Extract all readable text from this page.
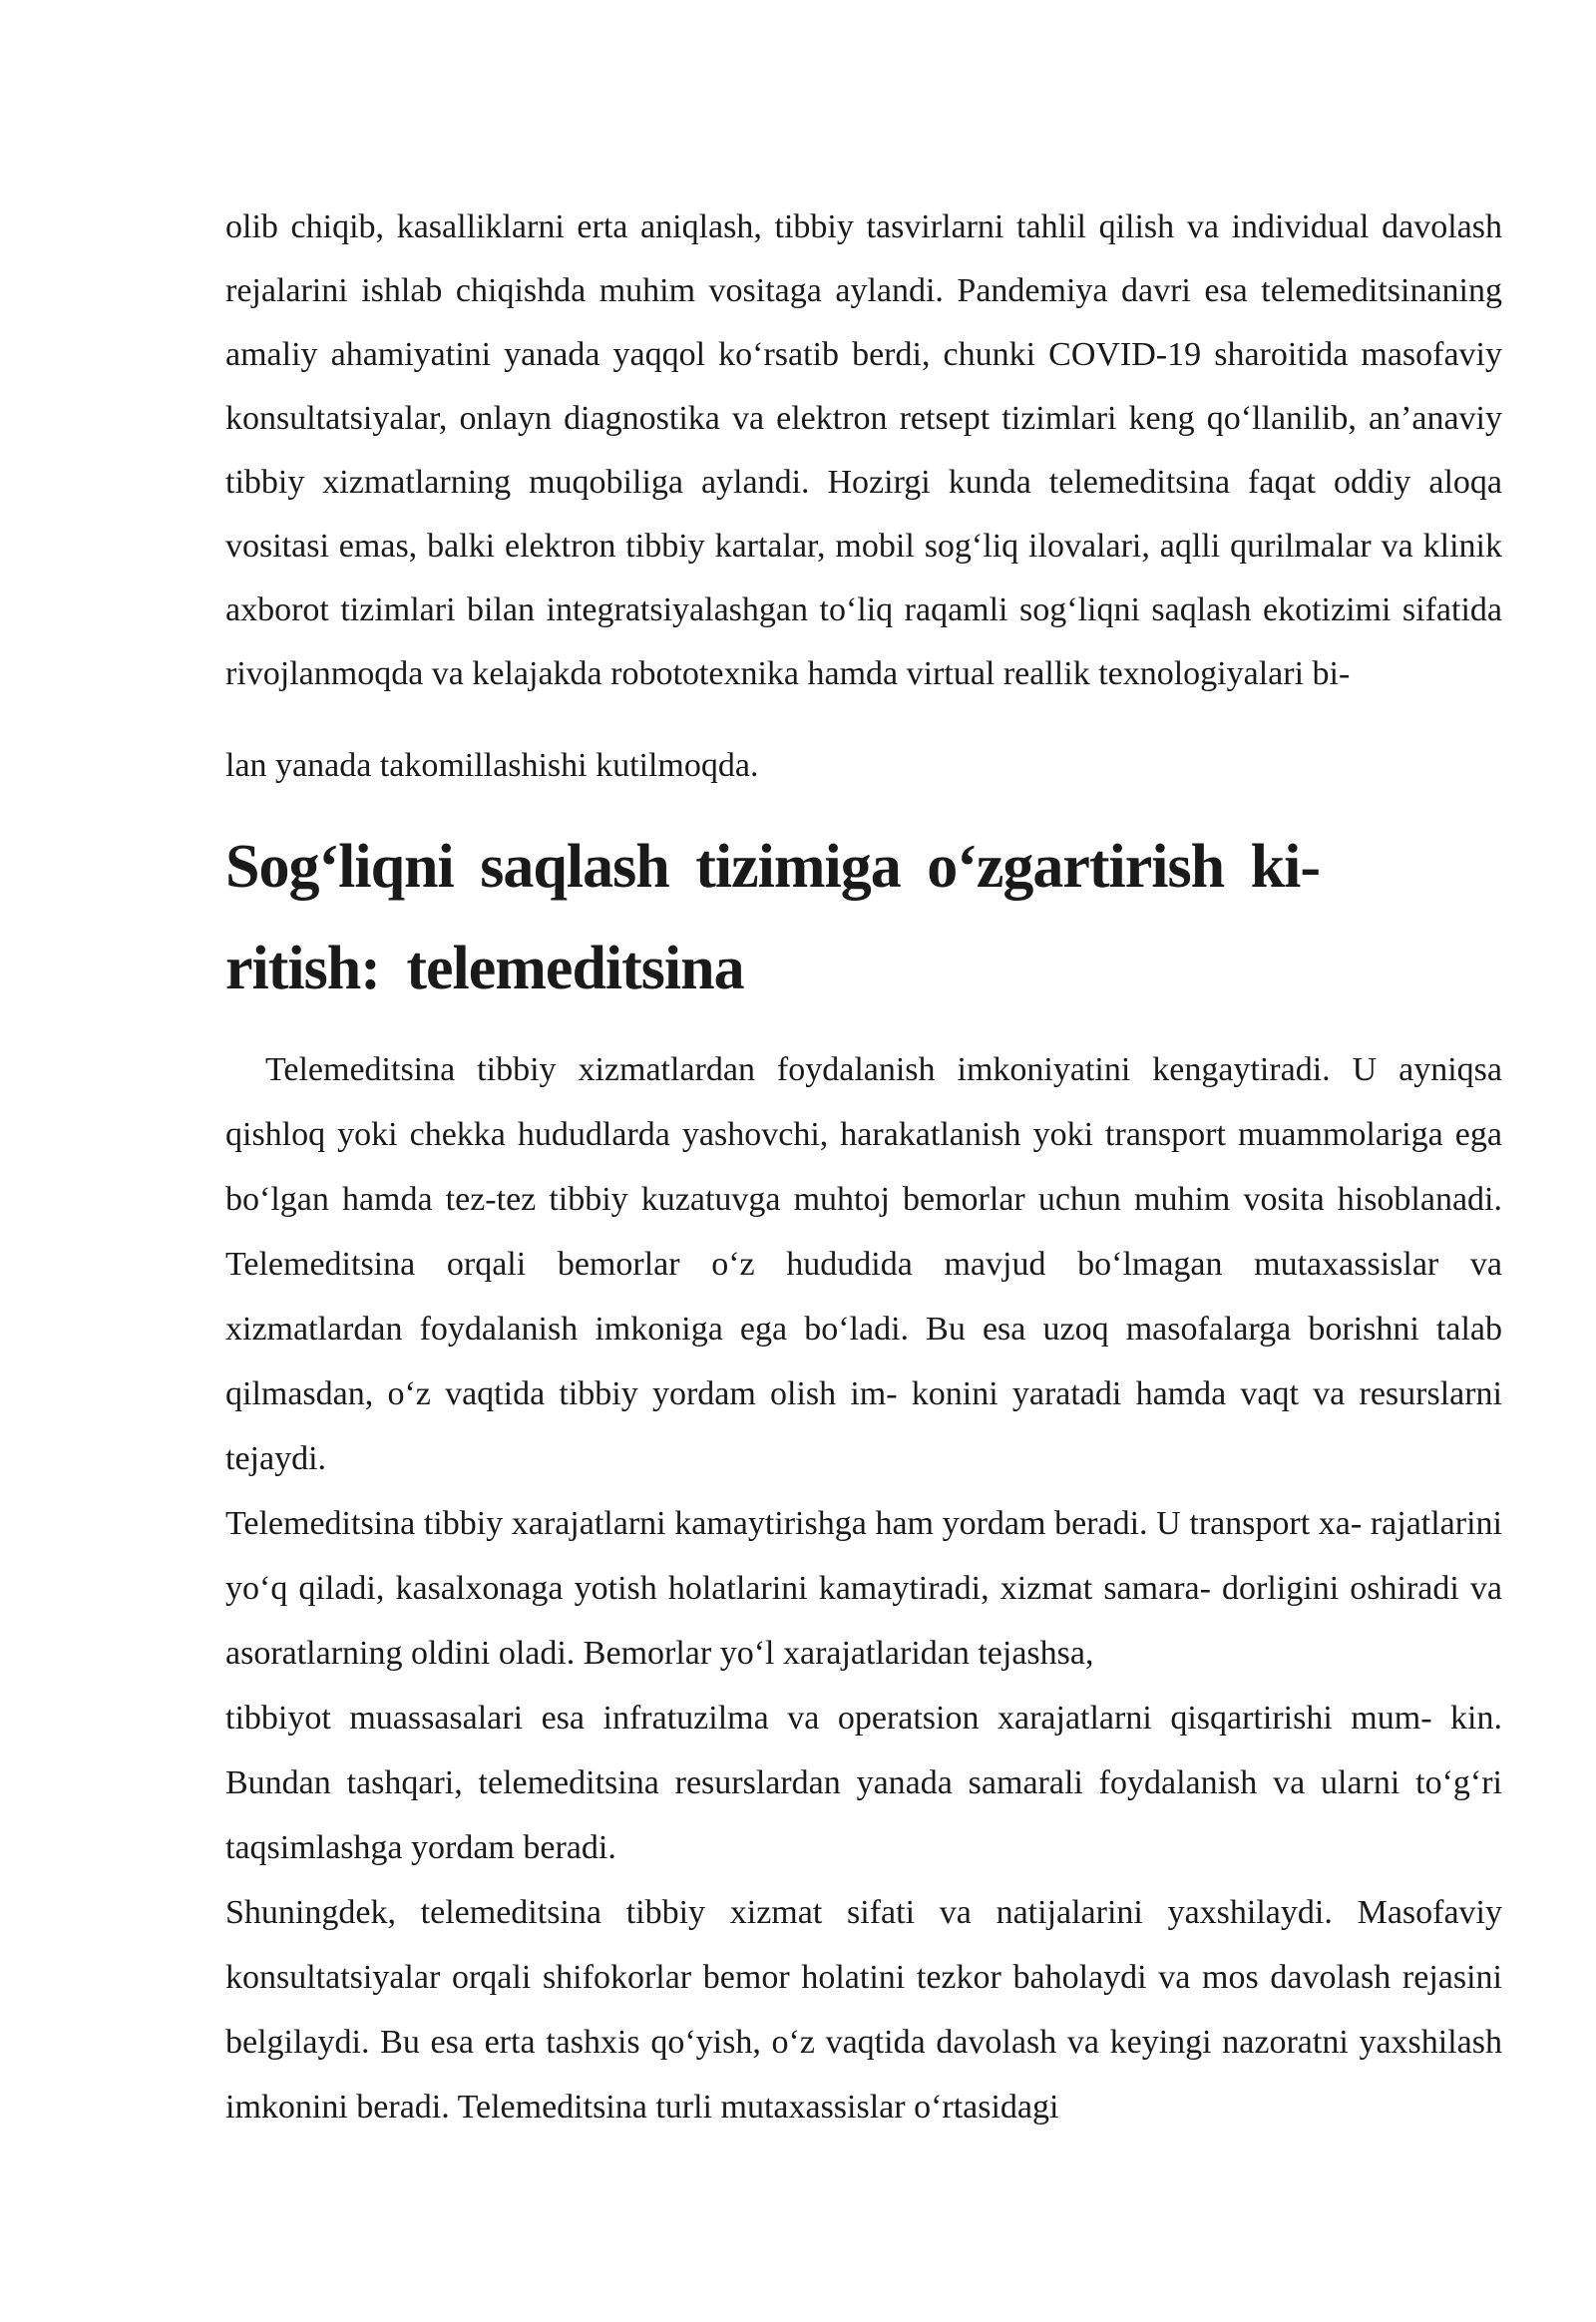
olib chiqib, kasalliklarni erta aniqlash, tibbiy tasvirlarni tahlil qilish va individual davolash rejalarini ishlab chiqishda muhim vositaga aylandi. Pandemiya davri esa telemeditsinaning amaliy ahamiyatini yanada yaqqol ko‘rsatib berdi, chunki COVID-19 sharoitida masofaviy konsultatsiyalar, onlayn diagnostika va elektron retsept tizimlari keng qo‘llanilib, an’anaviy tibbiy xizmatlarning muqobiliga aylandi. Hozirgi kunda telemeditsina faqat oddiy aloqa vositasi emas, balki elektron tibbiy kartalar, mobil sog‘liq ilovalari, aqlli qurilmalar va klinik axborot tizimlari bilan integratsiyalashgan to‘liq raqamli sog‘liqni saqlash ekotizimi sifatida rivojlanmoqda va kelajakda robototexnika hamda virtual reallik texnologiyalari bi-

lan yanada takomillashishi kutilmoqda.

Sog‘liqni saqlash tizimiga o‘zgartirish ki- ritish: telemeditsina

Telemeditsina tibbiy xizmatlardan foydalanish imkoniyatini kengaytiradi. U ayniqsa qishloq yoki chekka hududlarda yashovchi, harakatlanish yoki transport muammolariga ega bo‘lgan hamda tez-tez tibbiy kuzatuvga muhtoj bemorlar uchun muhim vosita hisoblanadi. Telemeditsina orqali bemorlar o‘z hududida mavjud bo‘lmagan mutaxassislar va xizmatlardan foydalanish imkoniga ega bo‘ladi. Bu esa uzoq masofalarga borishni talab qilmasdan, o‘z vaqtida tibbiy yordam olish im- konini yaratadi hamda vaqt va resurslarni tejaydi.

Telemeditsina tibbiy xarajatlarni kamaytirishga ham yordam beradi. U transport xa- rajatlarini yo‘q qiladi, kasalxonaga yotish holatlarini kamaytiradi, xizmat samara- dorligini oshiradi va asoratlarning oldini oladi. Bemorlar yo‘l xarajatlaridan tejashsa,

tibbiyot muassasalari esa infratuzilma va operatsion xarajatlarni qisqartirishi mum- kin. Bundan tashqari, telemeditsina resurslardan yanada samarali foydalanish va ularni to‘g‘ri taqsimlashga yordam beradi.

Shuningdek, telemeditsina tibbiy xizmat sifati va natijalarini yaxshilaydi. Masofaviy konsultatsiyalar orqali shifokorlar bemor holatini tezkor baholaydi va mos davolash rejasini belgilaydi. Bu esa erta tashxis qo‘yish, o‘z vaqtida davolash va keyingi nazoratni yaxshilash imkonini beradi. Telemeditsina turli mutaxassislar o‘rtasidagi
